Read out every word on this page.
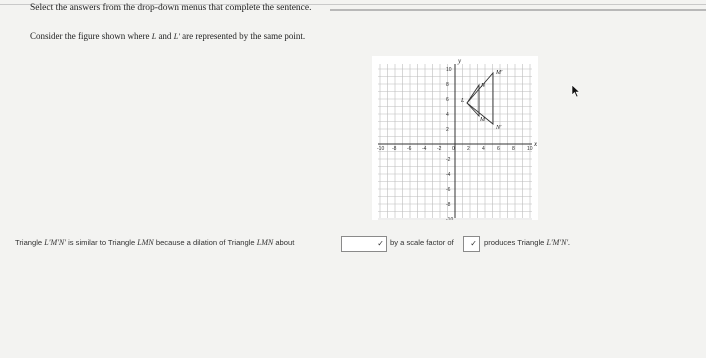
Select the answers from the drop-down menus that complete the sentence.
Consider the figure shown where L and L′ are represented by the same point.
x
y
-10 -8 -6 -4 -2 0 2 4 6 8 10
10
8
6
4
2
-2
-4
-6
-8
-10
M′
N
L
M
N′
Triangle L′M′N′ is similar to Triangle LMN because a dilation of Triangle LMN about	✓ by a scale factor of ✓ produces Triangle L′M′N′.
